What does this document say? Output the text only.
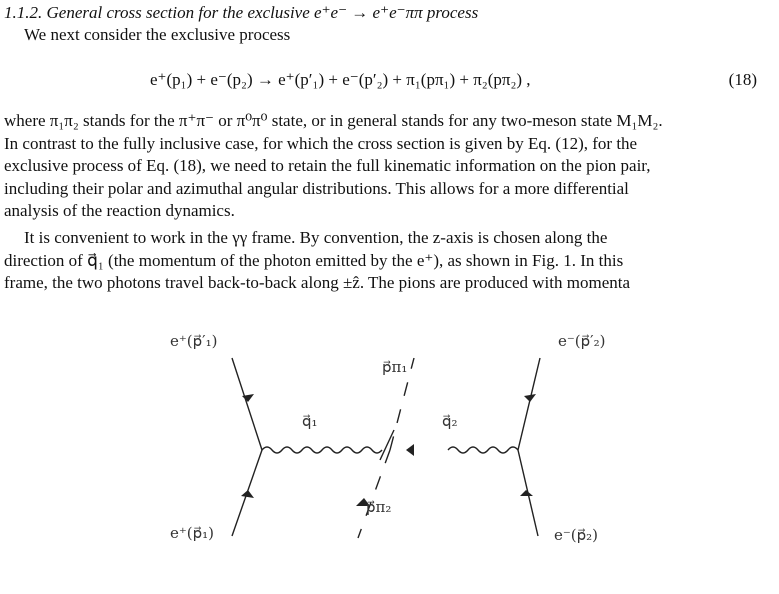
1.1.2. General cross section for the exclusive e⁺e⁻ → e⁺e⁻ππ process
We next consider the exclusive process
e⁺(p₁) + e⁻(p₂) → e⁺(p′₁) + e⁻(p′₂) + π₁(pπ₁) + π₂(pπ₂) ,	(18)
where π₁π₂ stands for the π⁺π⁻ or π⁰π⁰ state, or in general stands for any two-meson state M₁M₂.
In contrast to the fully inclusive case, for which the cross section is given by Eq. (12), for the
exclusive process of Eq. (18), we need to retain the full kinematic information on the pion pair,
including their polar and azimuthal angular distributions. This allows for a more differential
analysis of the reaction dynamics.
It is convenient to work in the γγ frame. By convention, the z-axis is chosen along the
direction of q⃗₁ (the momentum of the photon emitted by the e⁺), as shown in Fig. 1. In this
frame, the two photons travel back-to-back along ±ẑ. The pions are produced with momenta
e⁺(p⃗′₁)	e⁻(p⃗′₂)
e⁺(p⃗₁)	e⁻(p⃗₂)
q⃗₁	q⃗₂
p⃗π₁
p⃗π₂
